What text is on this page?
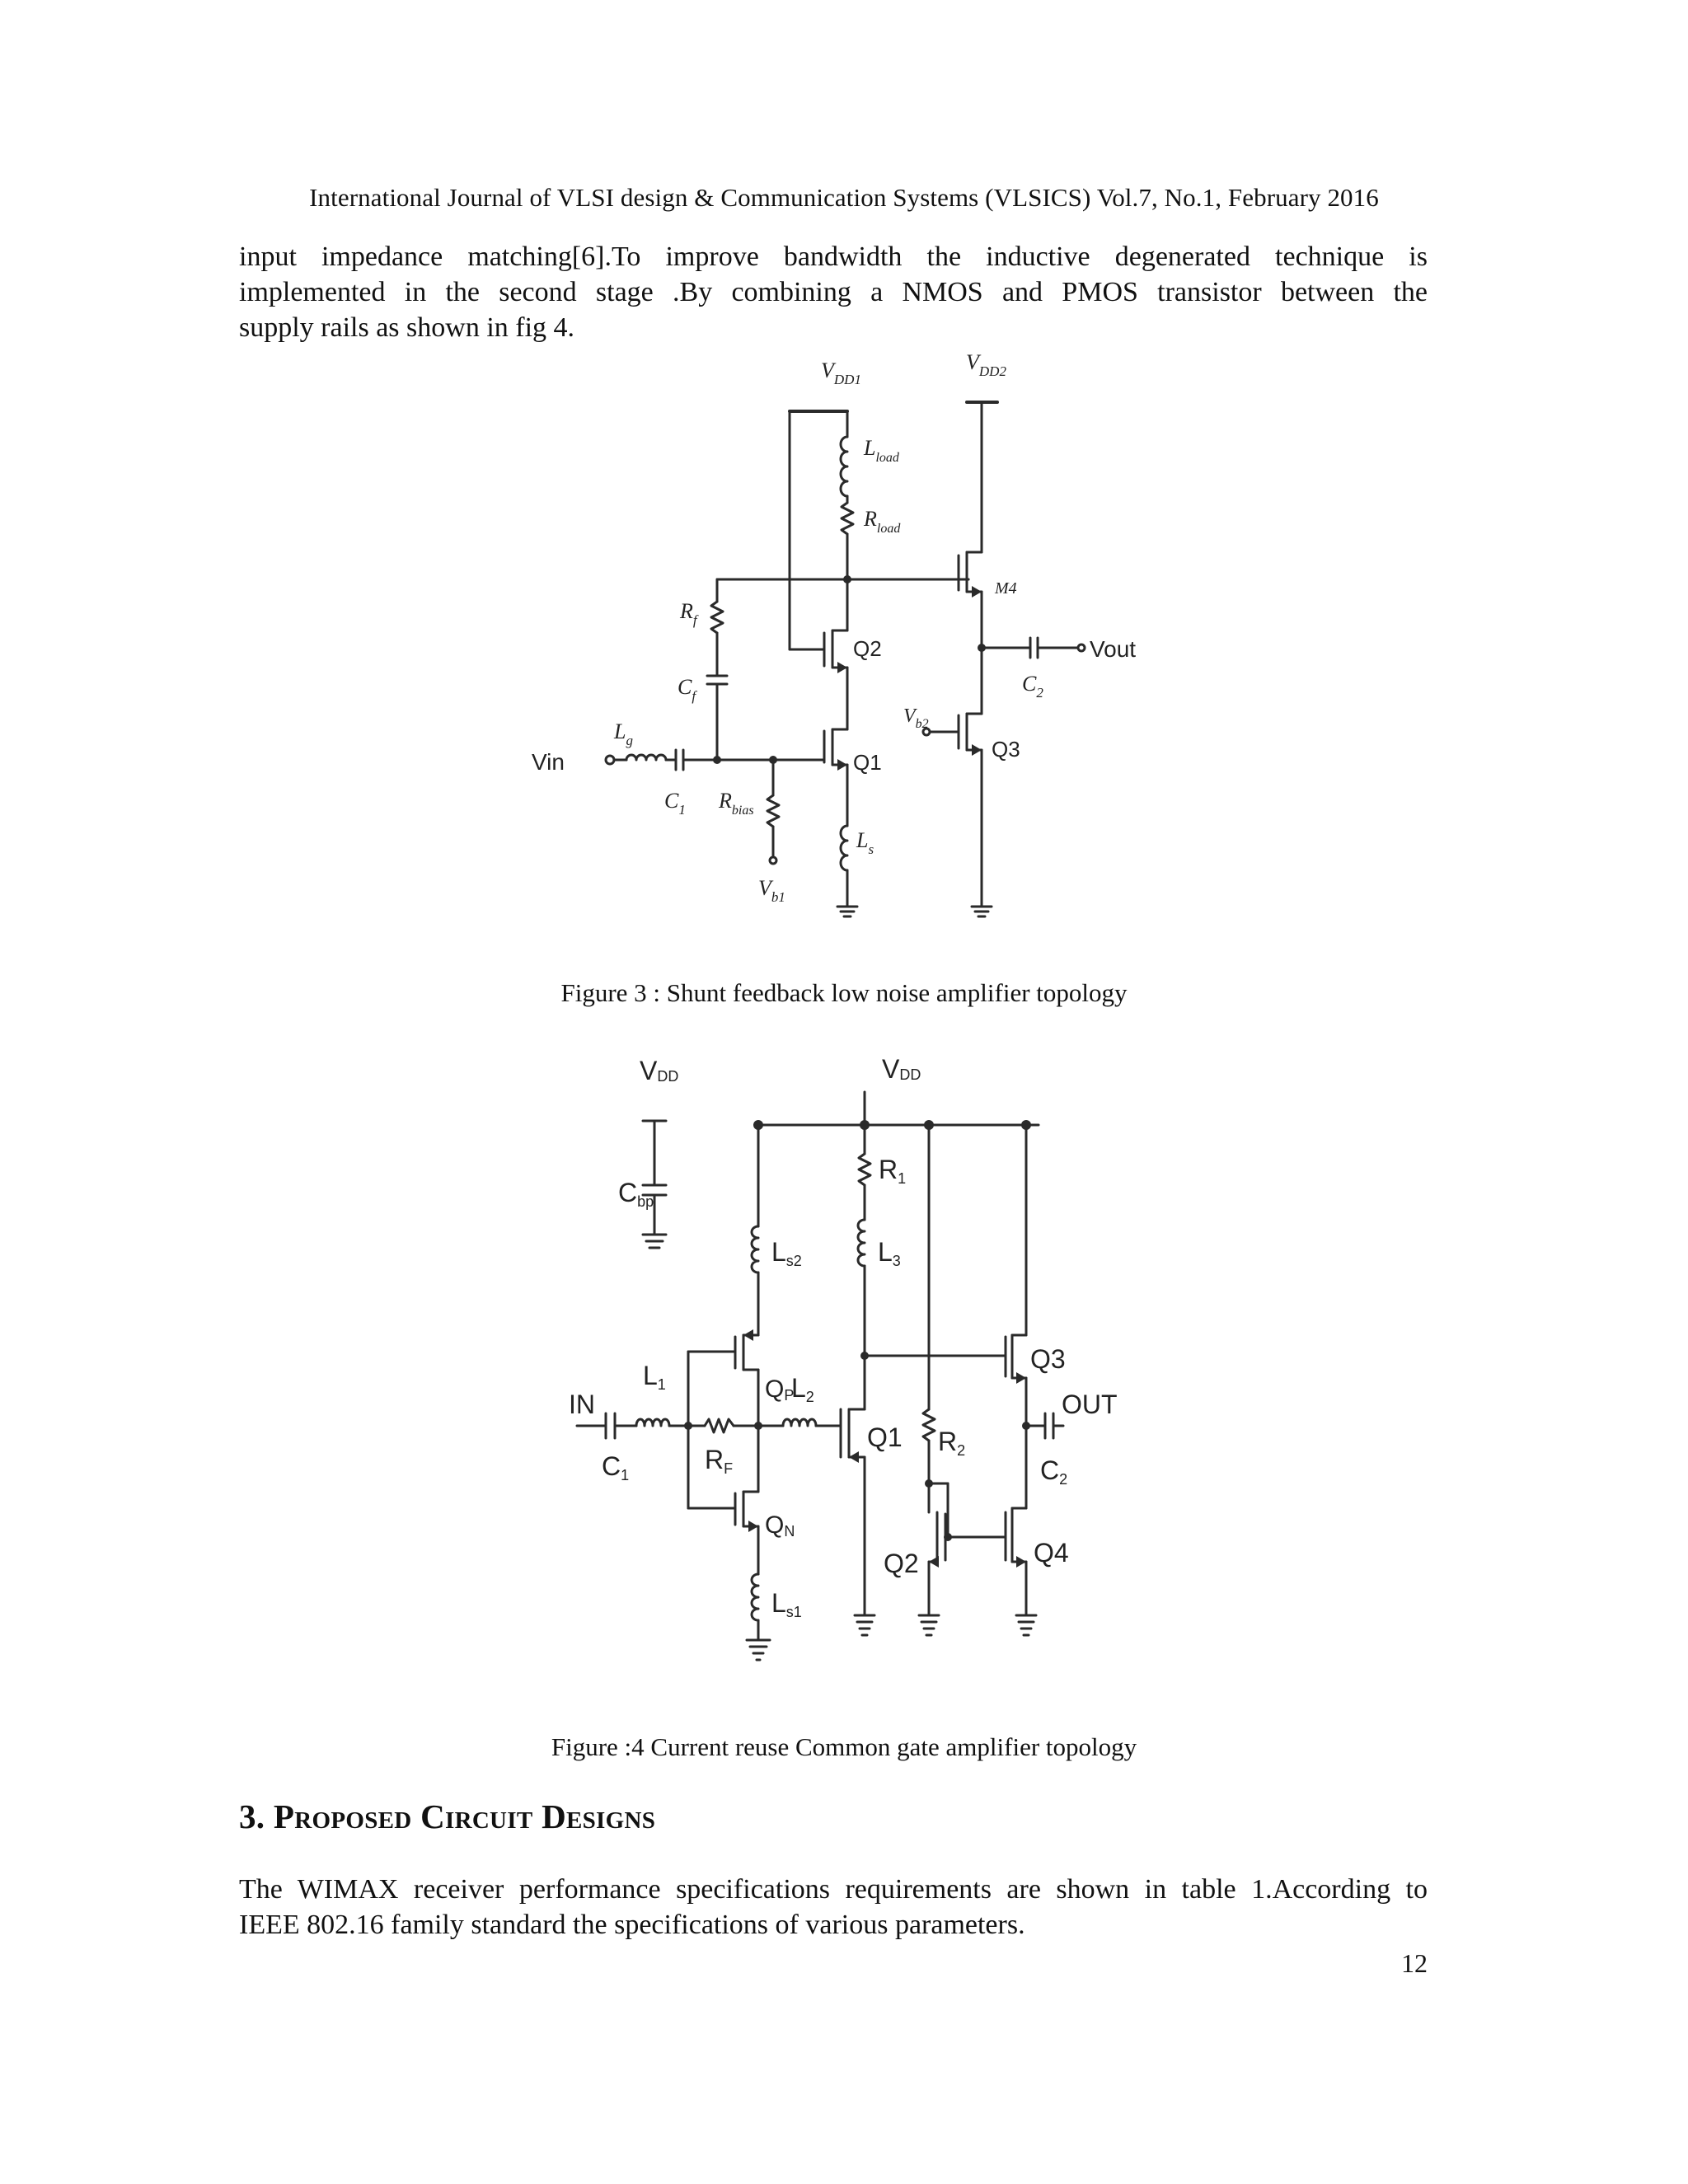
International Journal of VLSI design & Communication Systems (VLSICS) Vol.7, No.1, February 2016

input impedance matching[6].To improve bandwidth the inductive degenerated technique is
implemented in the second stage .By combining a NMOS and PMOS transistor between the
supply rails as shown in fig 4.

$V_{DD1}$
$V_{DD2}$
$L_{load}$
$R_{load}$
M4
$R_f$
Q2
$C_f$
Vout
$C_2$
$V_{b2}$
Q3
$L_g$
Vin	Q1
$C_1$ $R_{bias}$
$L_s$
$V_{b1}$
Figure 3 : Shunt feedback low noise amplifier topology
VDD	VDD
Cbp
R1
Ls2	L3
Q3
OUT
L1	QP
L2
IN
Q1 R2
C1
RF	C2
QN
Q2	Q4
Ls1
Figure :4 Current reuse Common gate amplifier topology
3. Proposed Circuit Designs

The WIMAX receiver performance specifications requirements are shown in table 1.According to
IEEE 802.16 family standard the specifications of various parameters.

12
